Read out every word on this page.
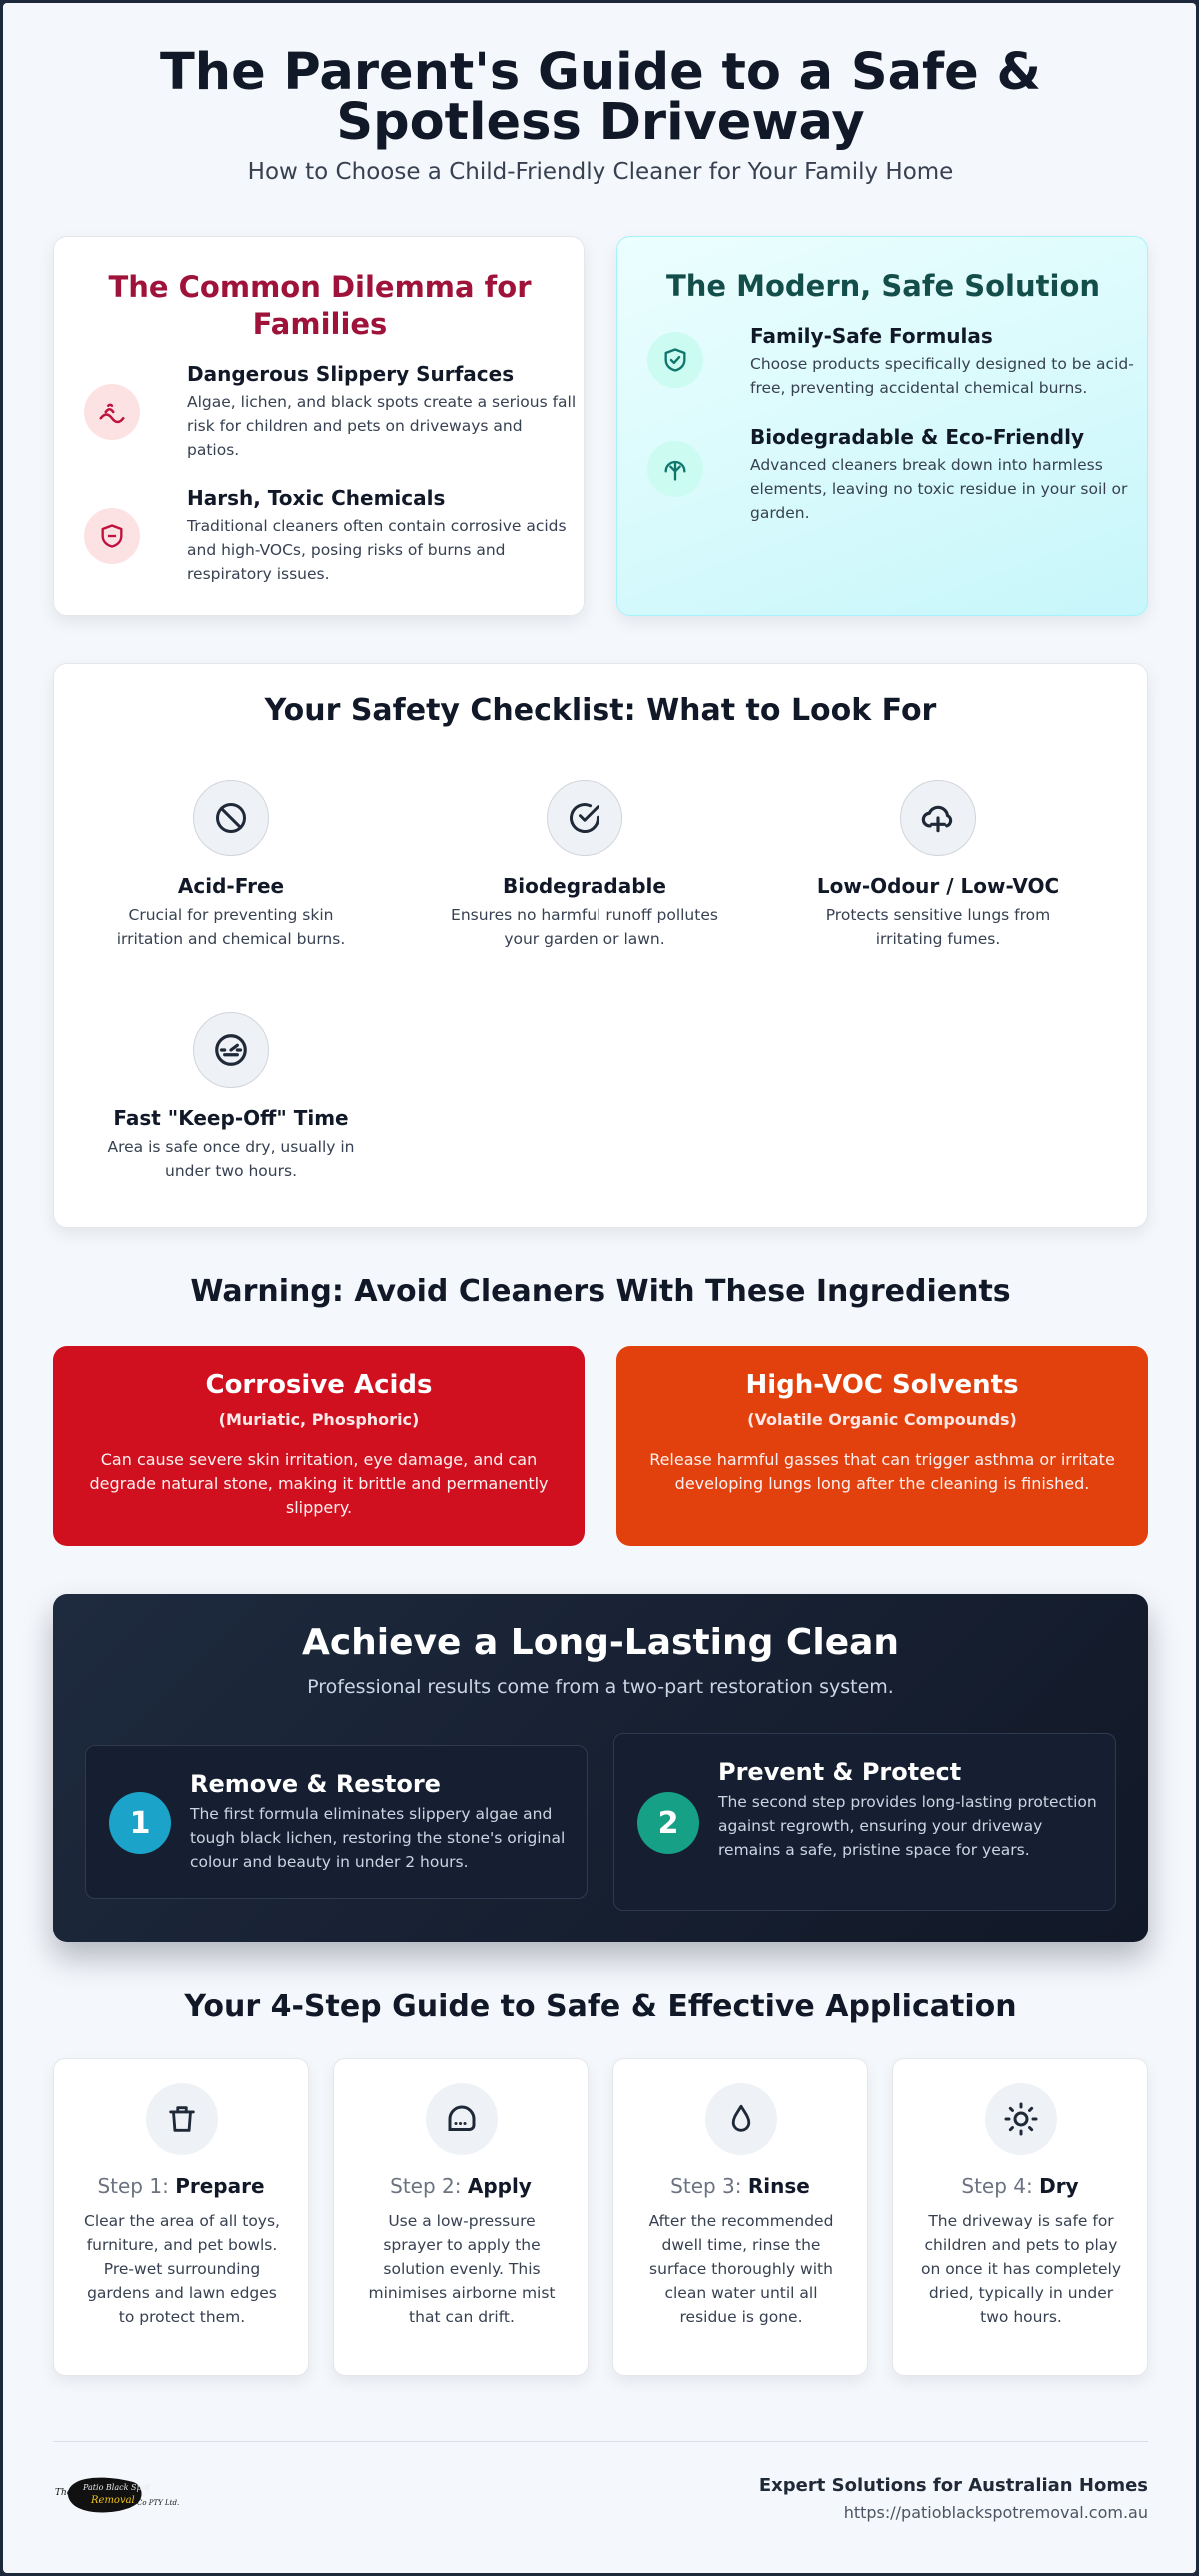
The Parent's Guide to a Safe & Spotless Driveway
How to Choose a Child-Friendly Cleaner for Your Family Home
The Common Dilemma for Families
Dangerous Slippery Surfaces
Algae, lichen, and black spots create a serious fall risk for children and pets on driveways and patios.
Harsh, Toxic Chemicals
Traditional cleaners often contain corrosive acids and high-VOCs, posing risks of burns and respiratory issues.
The Modern, Safe Solution
Family-Safe Formulas
Choose products specifically designed to be acid-free, preventing accidental chemical burns.
Biodegradable & Eco-Friendly
Advanced cleaners break down into harmless elements, leaving no toxic residue in your soil or garden.
Your Safety Checklist: What to Look For
Acid-Free
Crucial for preventing skin irritation and chemical burns.
Biodegradable
Ensures no harmful runoff pollutes your garden or lawn.
Low-Odour / Low-VOC
Protects sensitive lungs from irritating fumes.
Fast "Keep-Off" Time
Area is safe once dry, usually in under two hours.
Warning: Avoid Cleaners With These Ingredients
Corrosive Acids
(Muriatic, Phosphoric)
Can cause severe skin irritation, eye damage, and can degrade natural stone, making it brittle and permanently slippery.
High-VOC Solvents
(Volatile Organic Compounds)
Release harmful gasses that can trigger asthma or irritate developing lungs long after the cleaning is finished.
Achieve a Long-Lasting Clean
Professional results come from a two-part restoration system.
1
Remove & Restore
The first formula eliminates slippery algae and tough black lichen, restoring the stone's original colour and beauty in under 2 hours.
2
Prevent & Protect
The second step provides long-lasting protection against regrowth, ensuring your driveway remains a safe, pristine space for years.
Your 4-Step Guide to Safe & Effective Application
Step 1: Prepare
Clear the area of all toys, furniture, and pet bowls. Pre-wet surrounding gardens and lawn edges to protect them.
Step 2: Apply
Use a low-pressure sprayer to apply the solution evenly. This minimises airborne mist that can drift.
Step 3: Rinse
After the recommended dwell time, rinse the surface thoroughly with clean water until all residue is gone.
Step 4: Dry
The driveway is safe for children and pets to play on once it has completely dried, typically in under two hours.
The
Patio Black Spot
Removal Co PTY Ltd.
Expert Solutions for Australian Homes
https://patioblackspotremoval.com.au
